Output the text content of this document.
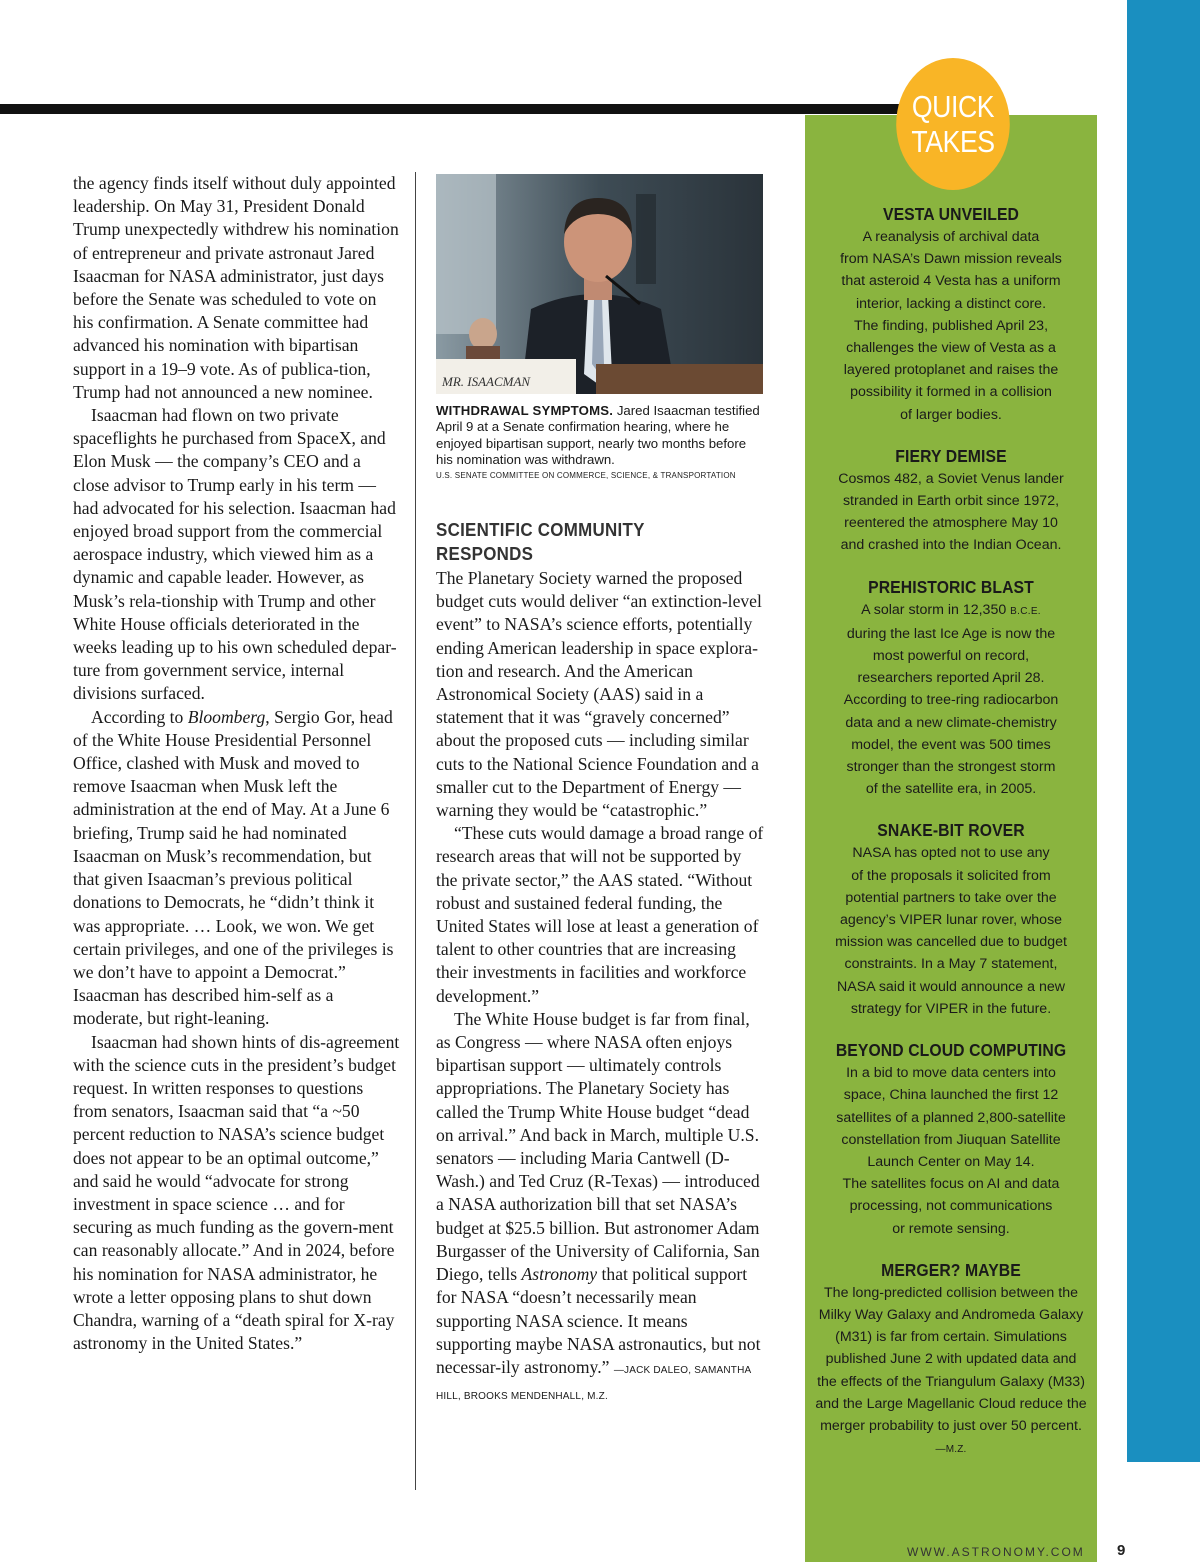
QUICK
TAKES

the agency finds itself without duly appointed leadership. On May 31, President Donald Trump unexpectedly withdrew his nomination of entrepreneur and private astronaut Jared Isaacman for NASA administrator, just days before the Senate was scheduled to vote on his confirmation. A Senate committee had advanced his nomination with bipartisan support in a 19–9 vote. As of publica-tion, Trump had not announced a new nominee.

Isaacman had flown on two private spaceflights he purchased from SpaceX, and Elon Musk — the company’s CEO and a close advisor to Trump early in his term — had advocated for his selection. Isaacman had enjoyed broad support from the commercial aerospace industry, which viewed him as a dynamic and capable leader. However, as Musk’s rela-tionship with Trump and other White House officials deteriorated in the weeks leading up to his own scheduled depar-ture from government service, internal divisions surfaced.

According to Bloomberg, Sergio Gor, head of the White House Presidential Personnel Office, clashed with Musk and moved to remove Isaacman when Musk left the administration at the end of May. At a June 6 briefing, Trump said he had nominated Isaacman on Musk’s recommendation, but that given Isaacman’s previous political donations to Democrats, he “didn’t think it was appropriate. … Look, we won. We get certain privileges, and one of the privileges is we don’t have to appoint a Democrat.” Isaacman has described him-self as a moderate, but right-leaning.

Isaacman had shown hints of dis-agreement with the science cuts in the president’s budget request. In written responses to questions from senators, Isaacman said that “a ~50 percent reduction to NASA’s science budget does not appear to be an optimal outcome,” and said he would “advocate for strong investment in space science … and for securing as much funding as the govern-ment can reasonably allocate.” And in 2024, before his nomination for NASA administrator, he wrote a letter opposing plans to shut down Chandra, warning of a “death spiral for X-ray astronomy in the United States.”

MR. ISAACMAN
WITHDRAWAL SYMPTOMS. Jared Isaacman testified April 9 at a Senate confirmation hearing, where he enjoyed bipartisan support, nearly two months before his nomination was withdrawn.
U.S. SENATE COMMITTEE ON COMMERCE, SCIENCE, & TRANSPORTATION
SCIENTIFIC COMMUNITY RESPONDS

The Planetary Society warned the proposed budget cuts would deliver “an extinction-level event” to NASA’s science efforts, potentially ending American leadership in space explora-tion and research. And the American Astronomical Society (AAS) said in a statement that it was “gravely concerned” about the proposed cuts — including similar cuts to the National Science Foundation and a smaller cut to the Department of Energy — warning they would be “catastrophic.”

“These cuts would damage a broad range of research areas that will not be supported by the private sector,” the AAS stated. “Without robust and sustained federal funding, the United States will lose at least a generation of talent to other countries that are increasing their investments in facilities and workforce development.”

The White House budget is far from final, as Congress — where NASA often enjoys bipartisan support — ultimately controls appropriations. The Planetary Society has called the Trump White House budget “dead on arrival.” And back in March, multiple U.S. senators — including Maria Cantwell (D-Wash.) and Ted Cruz (R-Texas) — introduced a NASA authorization bill that set NASA’s budget at $25.5 billion. But astronomer Adam Burgasser of the University of California, San Diego, tells Astronomy that political support for NASA “doesn’t necessarily mean supporting NASA science. It means supporting maybe NASA astronautics, but not necessar-ily astronomy.” —JACK DALEO, SAMANTHA HILL, BROOKS MENDENHALL, M.Z.

VESTA UNVEILED
A reanalysis of archival data
from NASA’s Dawn mission reveals
that asteroid 4 Vesta has a uniform
interior, lacking a distinct core.
The finding, published April 23,
challenges the view of Vesta as a
layered protoplanet and raises the
possibility it formed in a collision
of larger bodies.
FIERY DEMISE
Cosmos 482, a Soviet Venus lander
stranded in Earth orbit since 1972,
reentered the atmosphere May 10
and crashed into the Indian Ocean.
PREHISTORIC BLAST
A solar storm in 12,350 B.C.E.
during the last Ice Age is now the
most powerful on record,
researchers reported April 28.
According to tree-ring radiocarbon
data and a new climate-chemistry
model, the event was 500 times
stronger than the strongest storm
of the satellite era, in 2005.
SNAKE-BIT ROVER
NASA has opted not to use any
of the proposals it solicited from
potential partners to take over the
agency’s VIPER lunar rover, whose
mission was cancelled due to budget
constraints. In a May 7 statement,
NASA said it would announce a new
strategy for VIPER in the future.
BEYOND CLOUD COMPUTING
In a bid to move data centers into
space, China launched the first 12
satellites of a planned 2,800-satellite
constellation from Jiuquan Satellite
Launch Center on May 14.
The satellites focus on AI and data
processing, not communications
or remote sensing.
MERGER? MAYBE
The long-predicted collision between the Milky Way Galaxy and Andromeda Galaxy (M31) is far from certain. Simulations published June 2 with updated data and the effects of the Triangulum Galaxy (M33) and the Large Magellanic Cloud reduce the merger probability to just over 50 percent. —M.Z.
WWW.ASTRONOMY.COM 9
